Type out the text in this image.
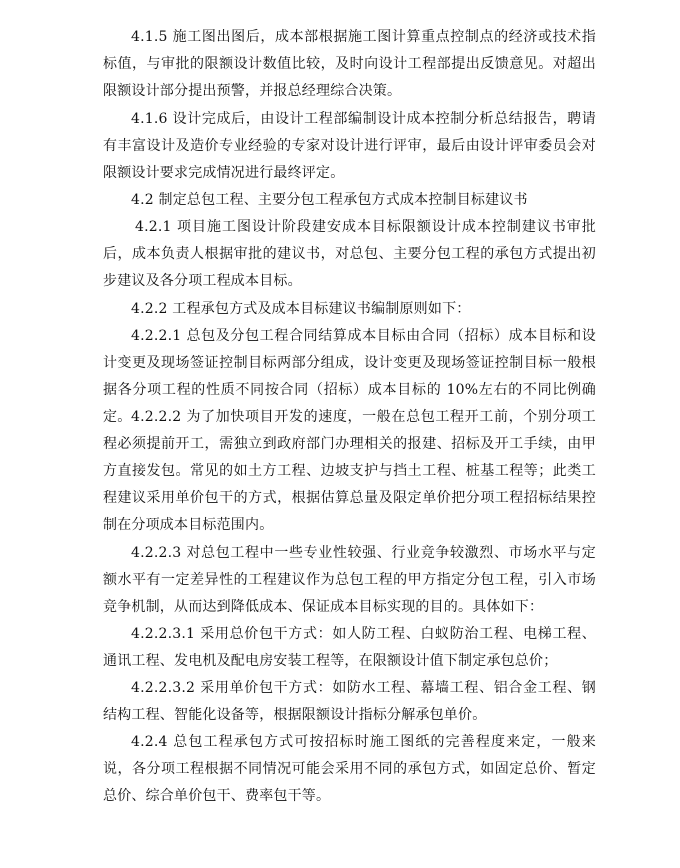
4.1.5 施工图出图后，成本部根据施工图计算重点控制点的经济或技术指标值，与审批的限额设计数值比较，及时向设计工程部提出反馈意见。对超出限额设计部分提出预警，并报总经理综合决策。

4.1.6 设计完成后，由设计工程部编制设计成本控制分析总结报告，聘请有丰富设计及造价专业经验的专家对设计进行评审，最后由设计评审委员会对限额设计要求完成情况进行最终评定。

4.2 制定总包工程、主要分包工程承包方式成本控制目标建议书

4.2.1 项目施工图设计阶段建安成本目标限额设计成本控制建议书审批后，成本负责人根据审批的建议书，对总包、主要分包工程的承包方式提出初步建议及各分项工程成本目标。

4.2.2 工程承包方式及成本目标建议书编制原则如下：

4.2.2.1 总包及分包工程合同结算成本目标由合同（招标）成本目标和设计变更及现场签证控制目标两部分组成，设计变更及现场签证控制目标一般根据各分项工程的性质不同按合同（招标）成本目标的 10%左右的不同比例确定。 4.2.2.2 为了加快项目开发的速度，一般在总包工程开工前，个别分项工程必须提前开工，需独立到政府部门办理相关的报建、招标及开工手续，由甲方直接发包。常见的如土方工程、边坡支护与挡土工程、桩基工程等；此类工程建议采用单价包干的方式，根据估算总量及限定单价把分项工程招标结果控制在分项成本目标范围内。

4.2.2.3 对总包工程中一些专业性较强、行业竞争较激烈、市场水平与定额水平有一定差异性的工程建议作为总包工程的甲方指定分包工程，引入市场竞争机制，从而达到降低成本、保证成本目标实现的目的。具体如下：

4.2.2.3.1 采用总价包干方式：如人防工程、白蚁防治工程、电梯工程、通讯工程、发电机及配电房安装工程等，在限额设计值下制定承包总价；

4.2.2.3.2 采用单价包干方式：如防水工程、幕墙工程、铝合金工程、钢结构工程、智能化设备等，根据限额设计指标分解承包单价。

4.2.4 总包工程承包方式可按招标时施工图纸的完善程度来定，一般来说，各分项工程根据不同情况可能会采用不同的承包方式，如固定总价、暂定总价、综合单价包干、费率包干等。
